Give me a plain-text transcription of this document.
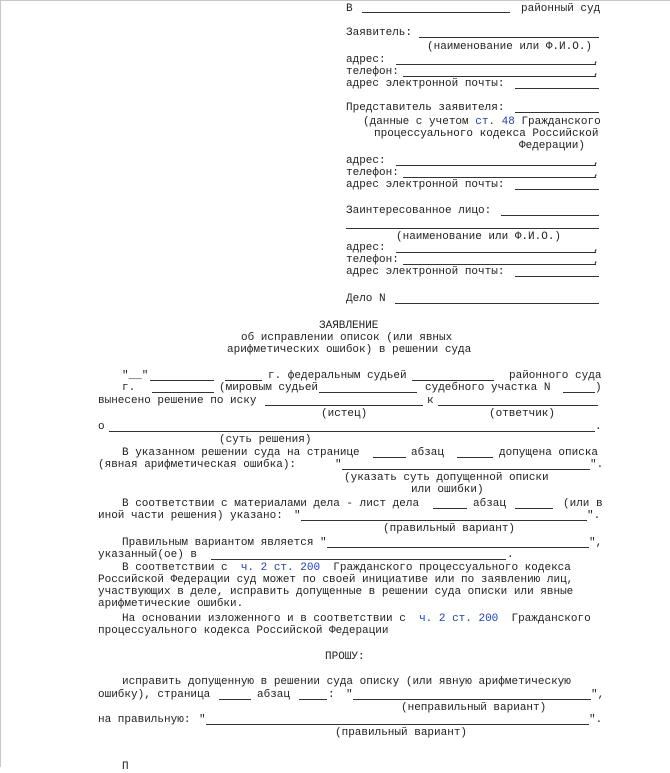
В	районный суд
Заявитель:
(наименование или Ф.И.О.)
адрес:	,
телефон:	,
адрес электронной почты:
Представитель заявителя:
(данные с учетом ст. 48 Гражданского
процессуального кодекса Российской
Федерации)
адрес:	,
телефон:	,
адрес электронной почты:
Заинтересованное лицо:
(наименование или Ф.И.О.)
адрес:	,
телефон:	,
адрес электронной почты:
Дело N
ЗАЯВЛЕНИЕ
об исправлении описок (или явных
арифметических ошибок) в решении суда
"__"	г. федеральным судьей	районного суда
г.	(мировым судьей	судебного участка N	)
вынесено решение по иску	к
(истец)	(ответчик)
о	.
(суть решения)
В указанном решении суда на странице	абзац	допущена описка
(явная арифметическая ошибка):	"	".
(указать суть допущенной описки
или ошибки)
В соответствии с материалами дела - лист дела	абзац	(или в
иной части решения) указано: "	".
(правильный вариант)
Правильным вариантом является "	",
указанный(ое) в	.
В соответствии с ч. 2 ст. 200 Гражданского процессуального кодекса
Российской Федерации суд может по своей инициативе или по заявлению лиц,
участвующих в деле, исправить допущенные в решении суда описки или явные
арифметические ошибки.
На основании изложенного и в соответствии с ч. 2 ст. 200 Гражданского
процессуального кодекса Российской Федерации
ПРОШУ:
исправить допущенную в решении суда описку (или явную арифметическую
ошибку), страница	абзац	: "	",
(неправильный вариант)
на правильную: "	".
(правильный вариант)
П
